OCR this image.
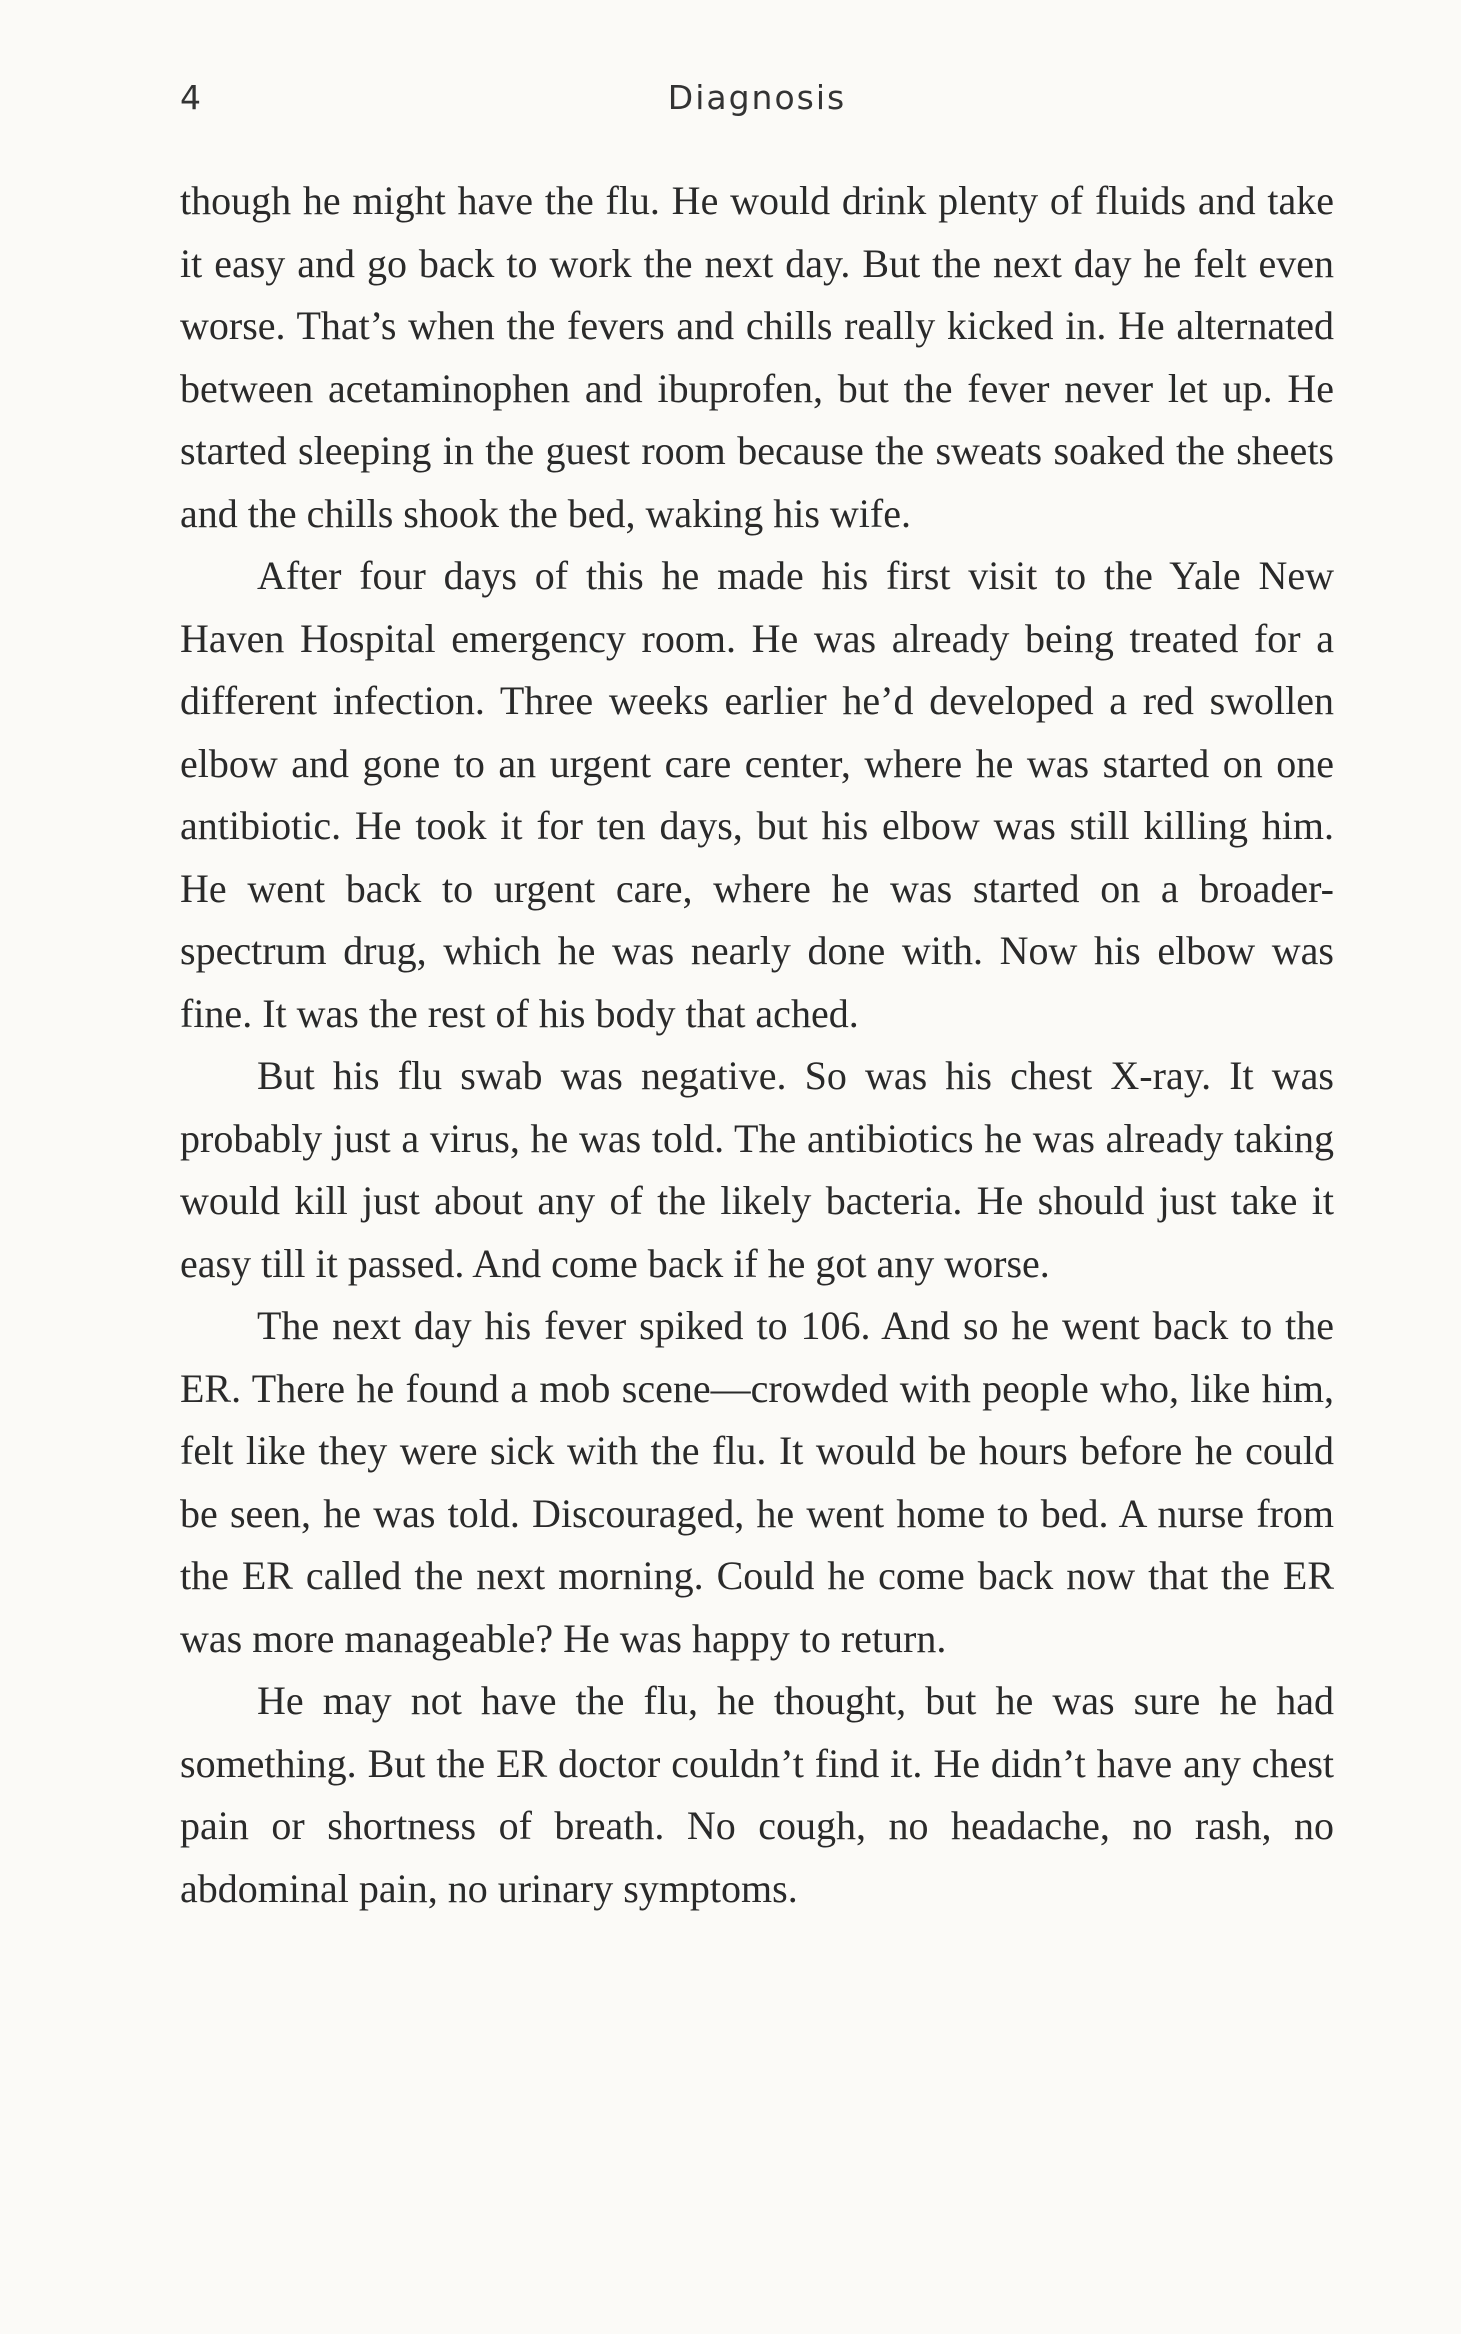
4	Diagnosis

though he might have the flu. He would drink plenty of fluids and take it easy and go back to work the next day. But the next day he felt even worse. That’s when the fevers and chills really kicked in. He alternated between acetaminophen and ibuprofen, but the fever never let up. He started sleeping in the guest room because the sweats soaked the sheets and the chills shook the bed, waking his wife.

After four days of this he made his first visit to the Yale New Haven Hospital emergency room. He was already being treated for a different infection. Three weeks earlier he’d developed a red swollen elbow and gone to an urgent care center, where he was started on one antibiotic. He took it for ten days, but his elbow was still killing him. He went back to urgent care, where he was started on a broader-spectrum drug, which he was nearly done with. Now his elbow was fine. It was the rest of his body that ached.

But his flu swab was negative. So was his chest X-ray. It was probably just a virus, he was told. The antibiotics he was already taking would kill just about any of the likely bacteria. He should just take it easy till it passed. And come back if he got any worse.

The next day his fever spiked to 106. And so he went back to the ER. There he found a mob scene—crowded with people who, like him, felt like they were sick with the flu. It would be hours before he could be seen, he was told. Discouraged, he went home to bed. A nurse from the ER called the next morning. Could he come back now that the ER was more manageable? He was happy to return.

He may not have the flu, he thought, but he was sure he had something. But the ER doctor couldn’t find it. He didn’t have any chest pain or shortness of breath. No cough, no headache, no rash, no abdominal pain, no urinary symptoms.
